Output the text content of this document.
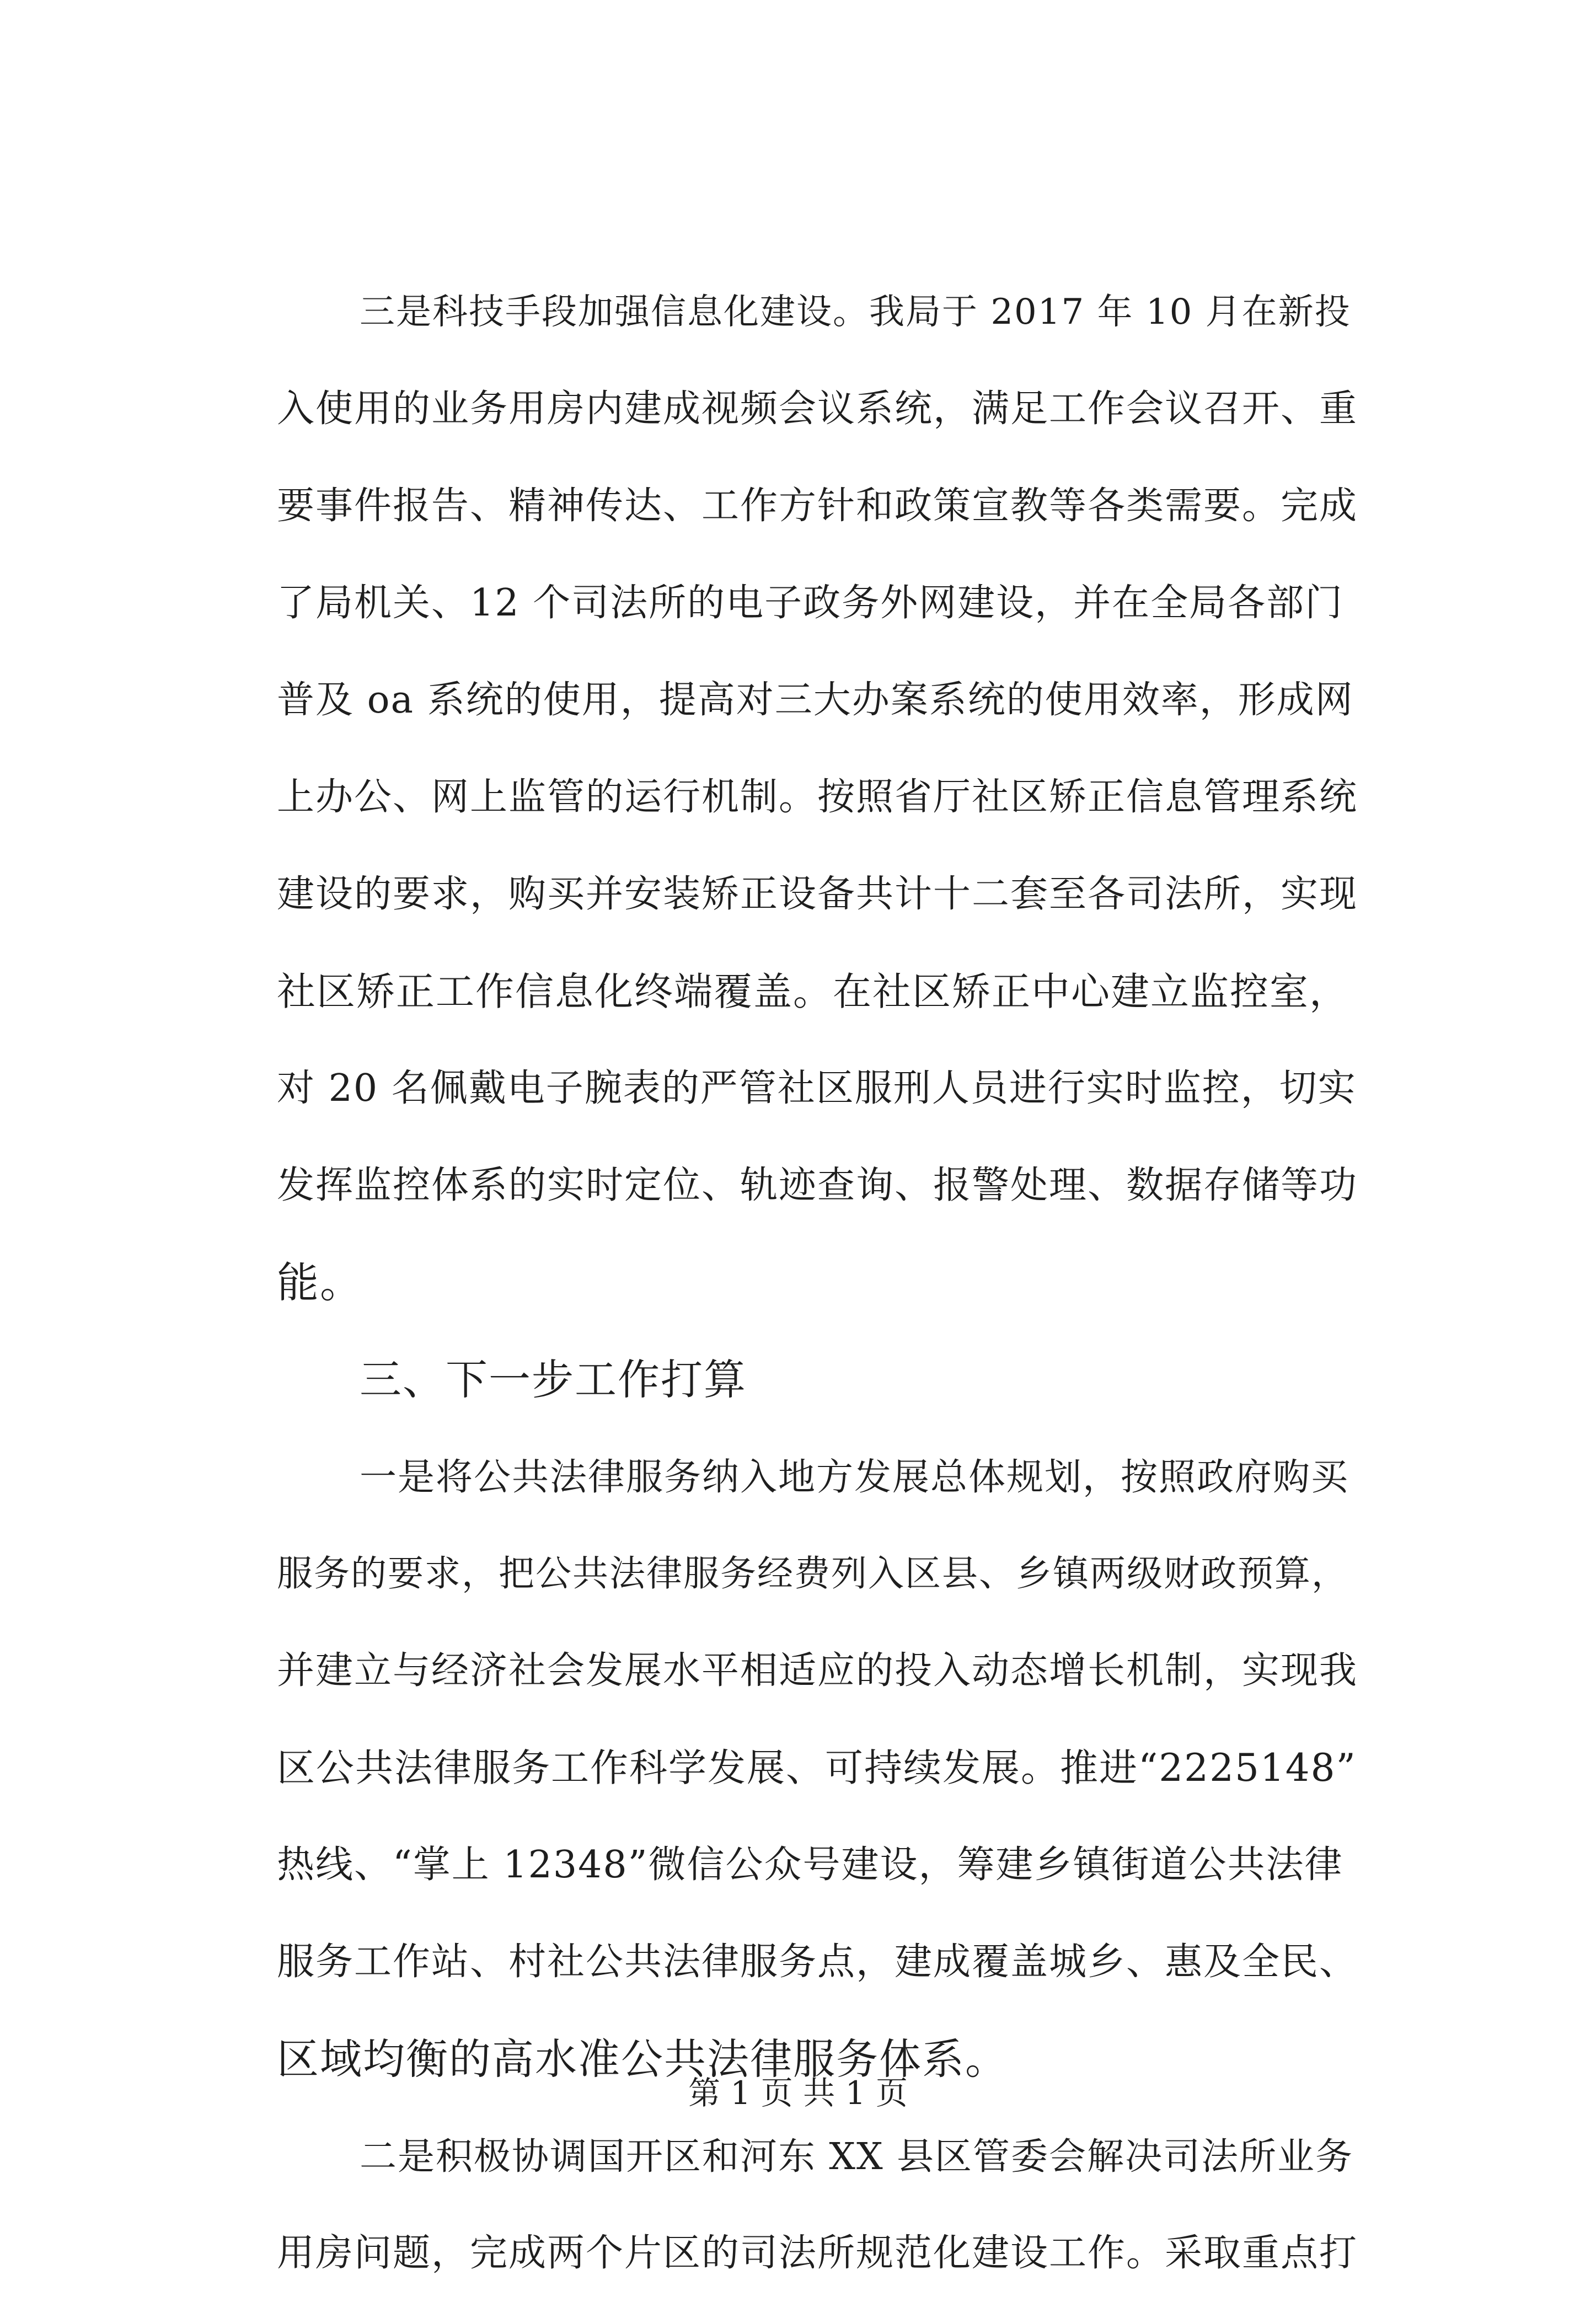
三是科技手段加强信息化建设。我局于 2017 年 10 月在新投
入使用的业务用房内建成视频会议系统，满足工作会议召开、重
要事件报告、精神传达、工作方针和政策宣教等各类需要。完成
了局机关、12 个司法所的电子政务外网建设，并在全局各部门
普及 oa 系统的使用，提高对三大办案系统的使用效率，形成网
上办公、网上监管的运行机制。按照省厅社区矫正信息管理系统
建设的要求，购买并安装矫正设备共计十二套至各司法所，实现
社区矫正工作信息化终端覆盖。在社区矫正中心建立监控室，
对 20 名佩戴电子腕表的严管社区服刑人员进行实时监控，切实
发挥监控体系的实时定位、轨迹查询、报警处理、数据存储等功
能。
三、下一步工作打算
一是将公共法律服务纳入地方发展总体规划，按照政府购买
服务的要求，把公共法律服务经费列入区县、乡镇两级财政预算，
并建立与经济社会发展水平相适应的投入动态增长机制，实现我
区公共法律服务工作科学发展、可持续发展。推进“2225148”
热线、“掌上 12348”微信公众号建设，筹建乡镇街道公共法律
服务工作站、村社公共法律服务点，建成覆盖城乡、惠及全民、
区域均衡的高水准公共法律服务体系。
二是积极协调国开区和河东 XX 县区管委会解决司法所业务
用房问题，完成两个片区的司法所规范化建设工作。采取重点打
第 1 页 共 1 页
